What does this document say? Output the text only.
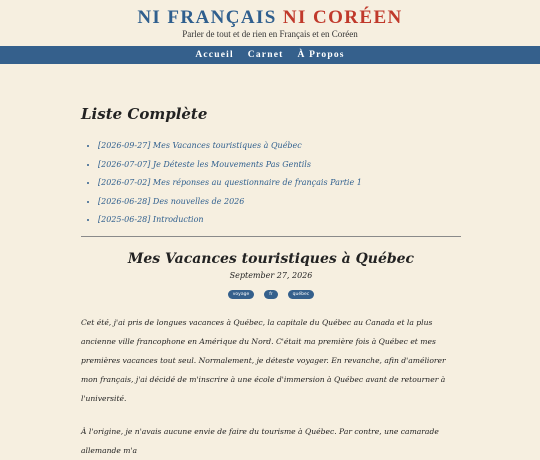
NI FRANÇAIS NI CORÉEN
Parler de tout et de rien en Français et en Coréen
Accueil Carnet À Propos
Liste Complète
• [2026-09-27] Mes Vacances touristiques à Québec
• [2026-07-07] Je Déteste les Mouvements Pas Gentils
• [2026-07-02] Mes réponses au questionnaire de français Partie 1
• [2026-06-28] Des nouvelles de 2026
• [2025-06-28] Introduction
Mes Vacances touristiques à Québec
September 27, 2026
voyage	fr	québec

Cet été, j'ai pris de longues vacances à Québec, la capitale du Québec au Canada et la plus ancienne ville francophone en Amérique du Nord. C'était ma première fois à Québec et mes premières vacances tout seul. Normalement, je déteste voyager. En revanche, afin d'améliorer mon français, j'ai décidé de m'inscrire à une école d'immersion à Québec avant de retourner à l'université.

À l'origine, je n'avais aucune envie de faire du tourisme à Québec. Par contre, une camarade allemande m'a
